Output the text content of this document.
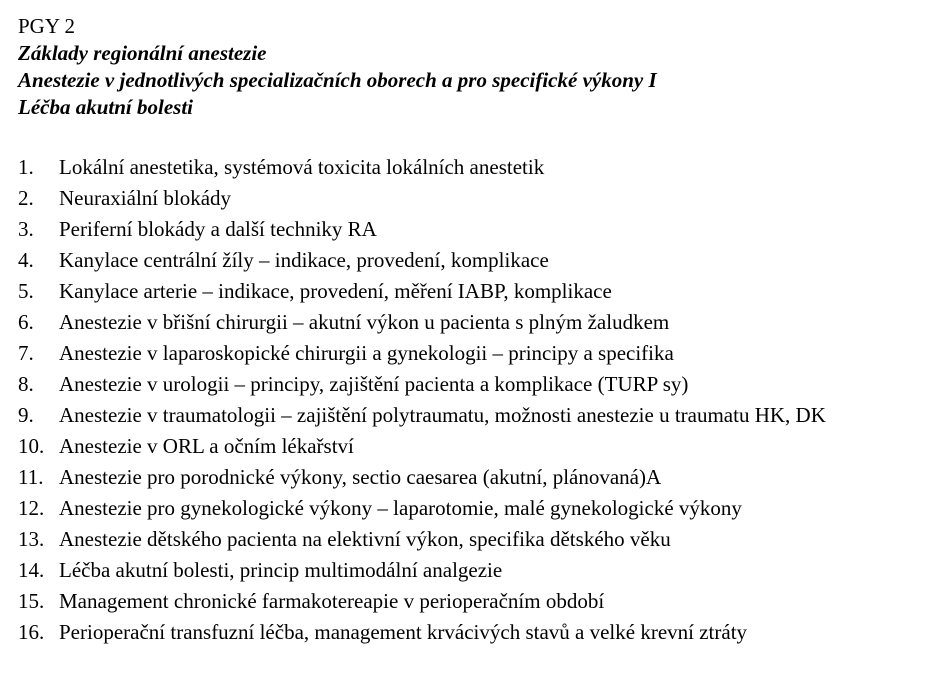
PGY 2
Základy regionální anestezie
Anestezie v jednotlivých specializačních oborech a pro specifické výkony I
Léčba akutní bolesti
1.	Lokální anestetika, systémová toxicita lokálních anestetik
2.	Neuraxiální blokády
3.	Periferní blokády a další techniky RA
4.	Kanylace centrální žíly – indikace, provedení, komplikace
5.	Kanylace arterie – indikace, provedení, měření IABP, komplikace
6.	Anestezie v břišní chirurgii – akutní výkon u pacienta s plným žaludkem
7.	Anestezie v laparoskopické chirurgii a gynekologii – principy a specifika
8.	Anestezie v urologii – principy, zajištění pacienta a komplikace (TURP sy)
9.	Anestezie v traumatologii – zajištění polytraumatu, možnosti anestezie u traumatu HK, DK
10. Anestezie v ORL a očním lékařství
11. Anestezie pro porodnické výkony, sectio caesarea (akutní, plánovaná)A
12. Anestezie pro gynekologické výkony – laparotomie, malé gynekologické výkony
13. Anestezie dětského pacienta na elektivní výkon, specifika dětského věku
14. Léčba akutní bolesti, princip multimodální analgezie
15. Management chronické farmakotereapie v perioperačním období
16. Perioperační transfuzní léčba, management krvácivých stavů a velké krevní ztráty
